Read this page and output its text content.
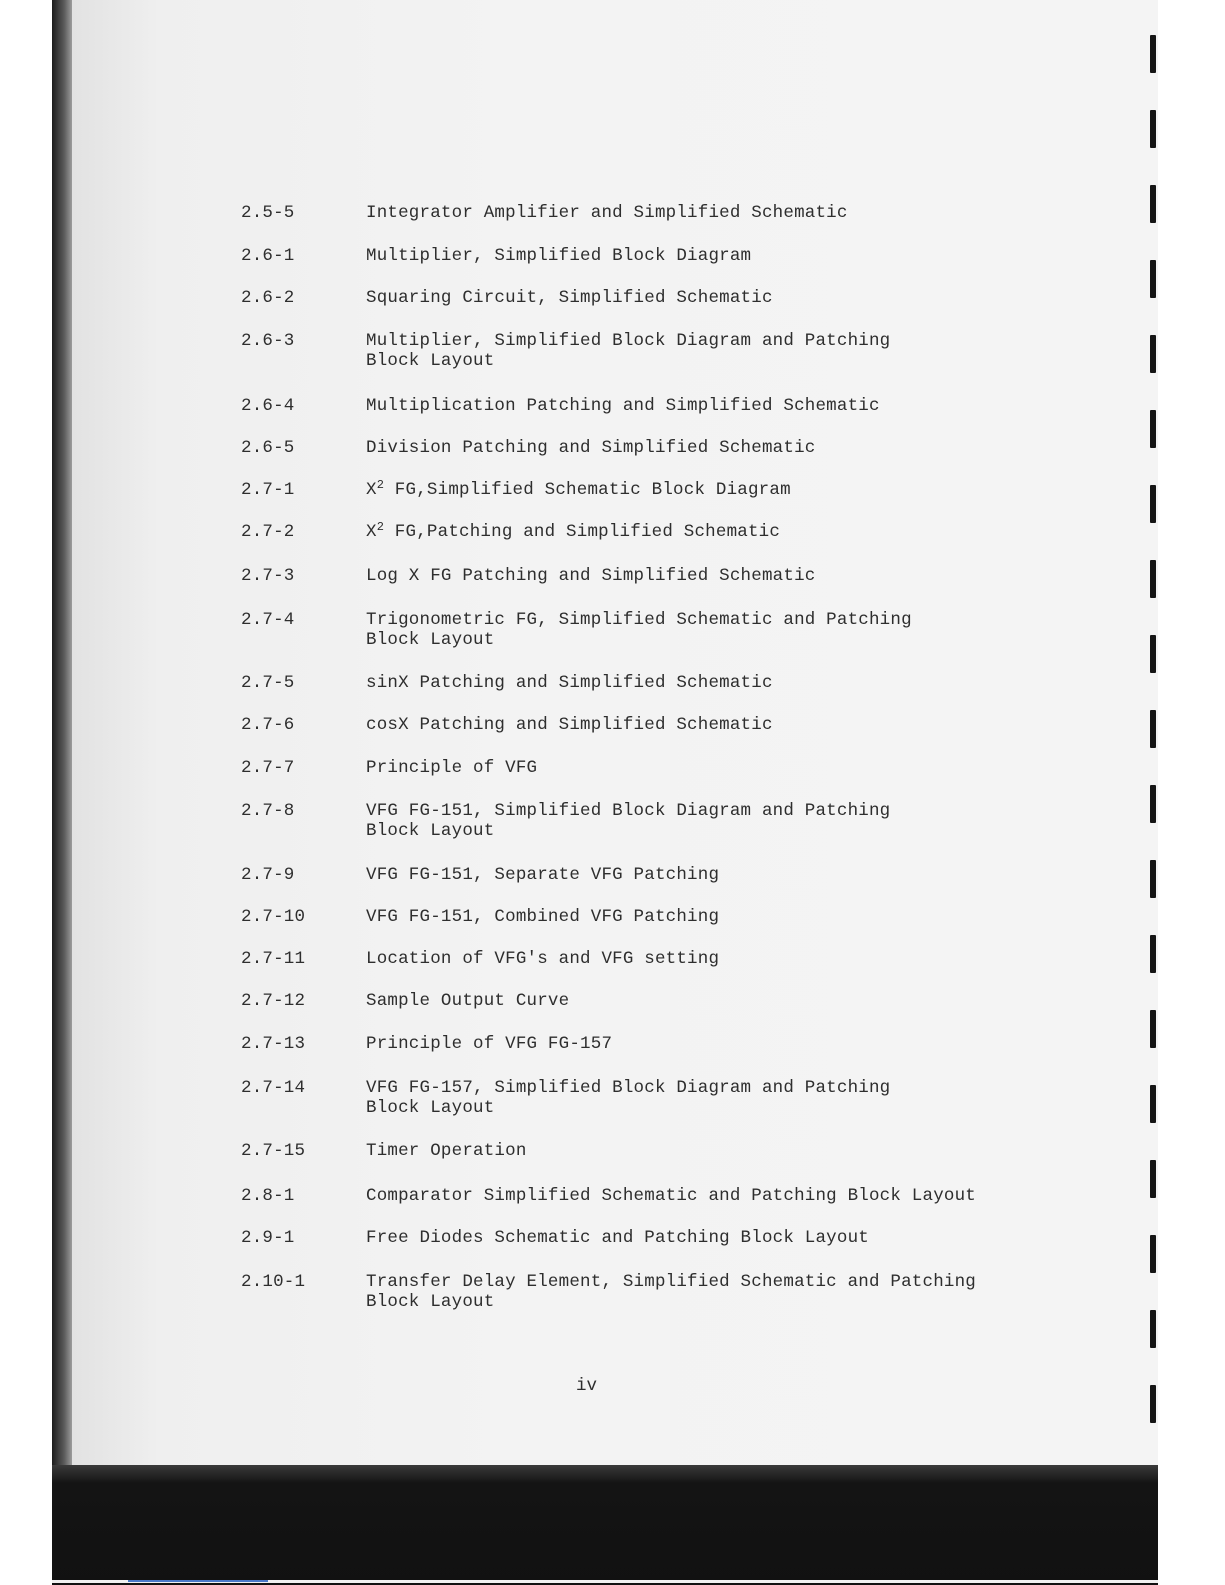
2.5-5	Integrator Amplifier and Simplified Schematic
2.6-1	Multiplier, Simplified Block Diagram
2.6-2	Squaring Circuit, Simplified Schematic
2.6-3	Multiplier, Simplified Block Diagram and Patching
Block Layout
2.6-4	Multiplication Patching and Simplified Schematic
2.6-5	Division Patching and Simplified Schematic
2.7-1	$X^2$ FG,Simplified Schematic Block Diagram
2.7-2	$X^2$ FG,Patching and Simplified Schematic
2.7-3	Log X FG Patching and Simplified Schematic
2.7-4	Trigonometric FG, Simplified Schematic and Patching
Block Layout
2.7-5	sinX Patching and Simplified Schematic
2.7-6	cosX Patching and Simplified Schematic
2.7-7	Principle of VFG
2.7-8	VFG FG-151, Simplified Block Diagram and Patching
Block Layout
2.7-9	VFG FG-151, Separate VFG Patching
2.7-10	VFG FG-151, Combined VFG Patching
2.7-11	Location of VFG's and VFG setting
2.7-12	Sample Output Curve
2.7-13	Principle of VFG FG-157
2.7-14	VFG FG-157, Simplified Block Diagram and Patching
Block Layout
2.7-15	Timer Operation
2.8-1	Comparator Simplified Schematic and Patching Block Layout
2.9-1	Free Diodes Schematic and Patching Block Layout
2.10-1	Transfer Delay Element, Simplified Schematic and Patching
Block Layout
iv
